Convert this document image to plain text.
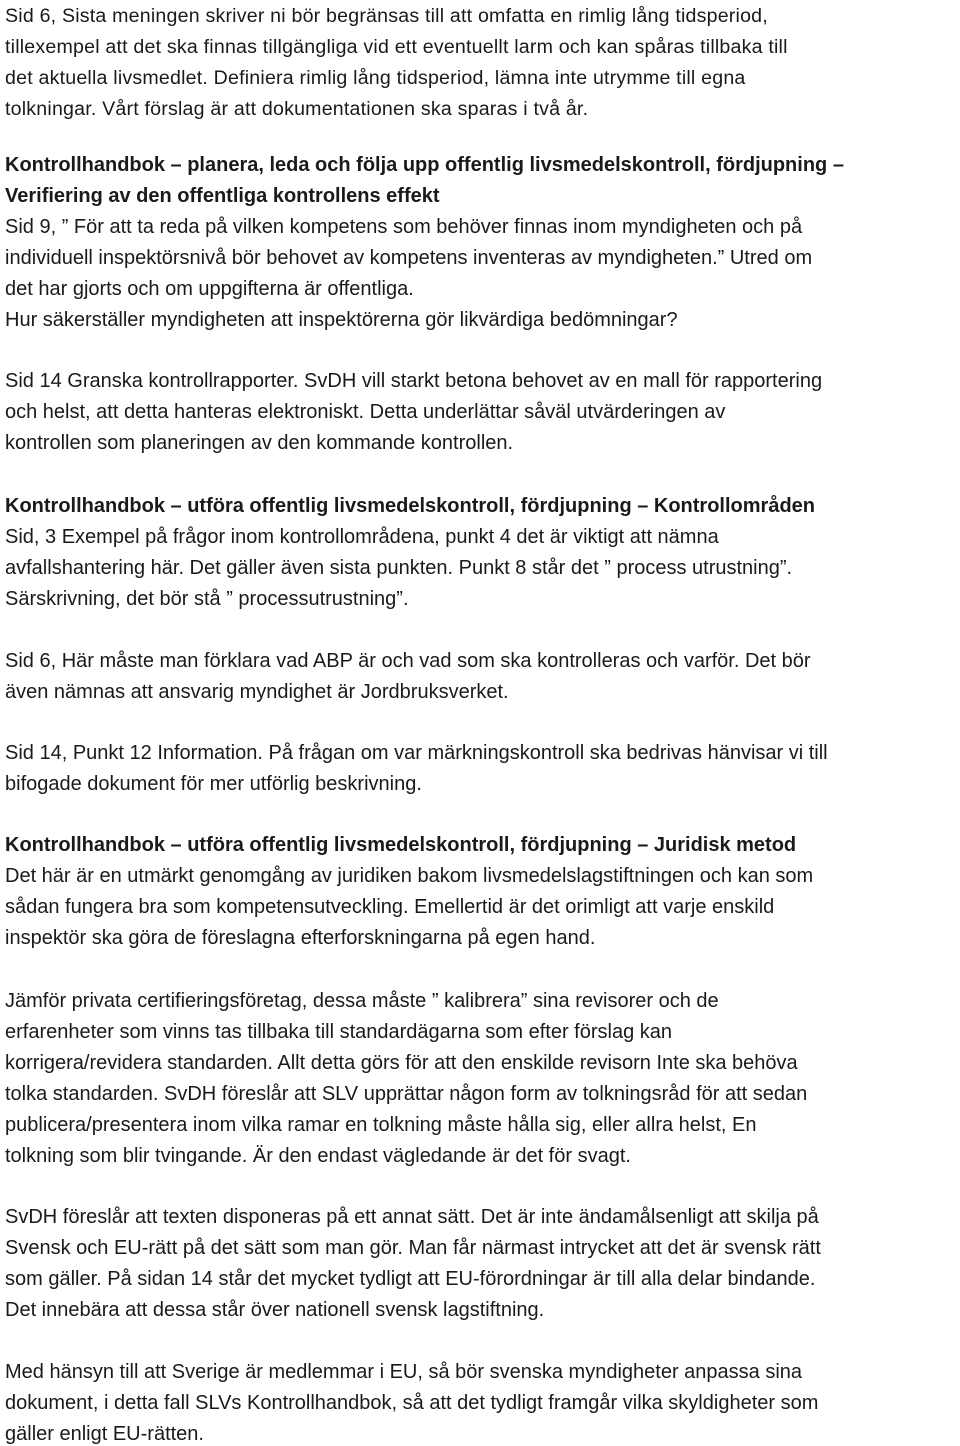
Sid 6, Sista meningen skriver ni bör begränsas till att omfatta en rimlig lång tidsperiod,
tillexempel att det ska finnas tillgängliga vid ett eventuellt larm och kan spåras tillbaka till
det aktuella livsmedlet. Definiera rimlig lång tidsperiod, lämna inte utrymme till egna
tolkningar. Vårt förslag är att dokumentationen ska sparas i två år.

Kontrollhandbok – planera, leda och följa upp offentlig livsmedelskontroll, fördjupning –
Verifiering av den offentliga kontrollens effekt
Sid 9, ” För att ta reda på vilken kompetens som behöver finnas inom myndigheten och på
individuell inspektörsnivå bör behovet av kompetens inventeras av myndigheten.” Utred om
det har gjorts och om uppgifterna är offentliga.
Hur säkerställer myndigheten att inspektörerna gör likvärdiga bedömningar?

Sid 14 Granska kontrollrapporter. SvDH vill starkt betona behovet av en mall för rapportering
och helst, att detta hanteras elektroniskt. Detta underlättar såväl utvärderingen av
kontrollen som planeringen av den kommande kontrollen.

Kontrollhandbok – utföra offentlig livsmedelskontroll, fördjupning – Kontrollområden
Sid, 3 Exempel på frågor inom kontrollområdena, punkt 4 det är viktigt att nämna
avfallshantering här. Det gäller även sista punkten. Punkt 8 står det ” process utrustning”.
Särskrivning, det bör stå ” processutrustning”.

Sid 6, Här måste man förklara vad ABP är och vad som ska kontrolleras och varför. Det bör
även nämnas att ansvarig myndighet är Jordbruksverket.

Sid 14, Punkt 12 Information. På frågan om var märkningskontroll ska bedrivas hänvisar vi till
bifogade dokument för mer utförlig beskrivning.

Kontrollhandbok – utföra offentlig livsmedelskontroll, fördjupning – Juridisk metod
Det här är en utmärkt genomgång av juridiken bakom livsmedelslagstiftningen och kan som
sådan fungera bra som kompetensutveckling. Emellertid är det orimligt att varje enskild
inspektör ska göra de föreslagna efterforskningarna på egen hand.

Jämför privata certifieringsföretag, dessa måste ” kalibrera” sina revisorer och de
erfarenheter som vinns tas tillbaka till standardägarna som efter förslag kan
korrigera/revidera standarden. Allt detta görs för att den enskilde revisorn Inte ska behöva
tolka standarden. SvDH föreslår att SLV upprättar någon form av tolkningsråd för att sedan
publicera/presentera inom vilka ramar en tolkning måste hålla sig, eller allra helst, En
tolkning som blir tvingande. Är den endast vägledande är det för svagt.

SvDH föreslår att texten disponeras på ett annat sätt. Det är inte ändamålsenligt att skilja på
Svensk och EU-rätt på det sätt som man gör. Man får närmast intrycket att det är svensk rätt
som gäller. På sidan 14 står det mycket tydligt att EU-förordningar är till alla delar bindande.
Det innebära att dessa står över nationell svensk lagstiftning.

Med hänsyn till att Sverige är medlemmar i EU, så bör svenska myndigheter anpassa sina
dokument, i detta fall SLVs Kontrollhandbok, så att det tydligt framgår vilka skyldigheter som
gäller enligt EU-rätten.
